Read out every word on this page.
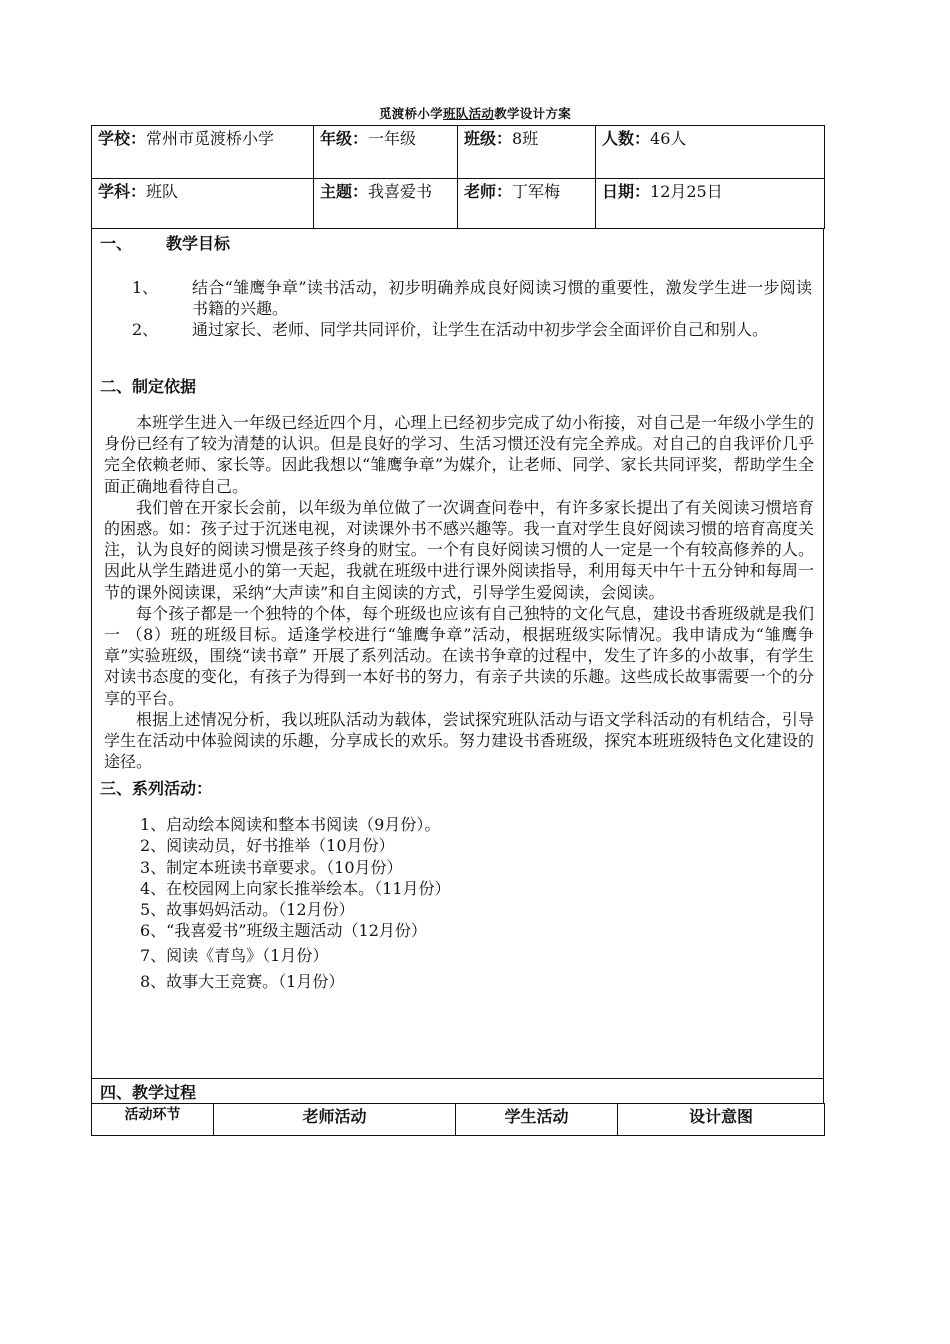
觅渡桥小学班队活动教学设计方案
学校：常州市觅渡桥小学	年级：一年级	班级：8班	人数：46人
学科：班队	主题：我喜爱书	老师：丁军梅	日期：12月25日
一、 教学目标
1、 结合“雏鹰争章”读书活动，初步明确养成良好阅读习惯的重要性，激发学生进一步阅读书籍的兴趣。
2、 通过家长、老师、同学共同评价，让学生在活动中初步学会全面评价自己和别人。
二、制定依据

本班学生进入一年级已经近四个月，心理上已经初步完成了幼小衔接，对自己是一年级小学生的身份已经有了较为清楚的认识。但是良好的学习、生活习惯还没有完全养成。对自己的自我评价几乎完全依赖老师、家长等。因此我想以“雏鹰争章”为媒介，让老师、同学、家长共同评奖，帮助学生全面正确地看待自己。

我们曾在开家长会前，以年级为单位做了一次调查问卷中，有许多家长提出了有关阅读习惯培育的困惑。如：孩子过于沉迷电视，对读课外书不感兴趣等。我一直对学生良好阅读习惯的培育高度关注，认为良好的阅读习惯是孩子终身的财宝。一个有良好阅读习惯的人一定是一个有较高修养的人。因此从学生踏进觅小的第一天起，我就在班级中进行课外阅读指导，利用每天中午十五分钟和每周一节的课外阅读课，采纳“大声读”和自主阅读的方式，引导学生爱阅读，会阅读。

每个孩子都是一个独特的个体，每个班级也应该有自己独特的文化气息，建设书香班级就是我们一 （8）班的班级目标。适逢学校进行“雏鹰争章”活动，根据班级实际情况。我申请成为“雏鹰争章”实验班级，围绕“读书章” 开展了系列活动。在读书争章的过程中，发生了许多的小故事，有学生对读书态度的变化，有孩子为得到一本好书的努力，有亲子共读的乐趣。这些成长故事需要一个的分享的平台。

根据上述情况分析，我以班队活动为载体，尝试探究班队活动与语文学科活动的有机结合，引导学生在活动中体验阅读的乐趣，分享成长的欢乐。努力建设书香班级，探究本班班级特色文化建设的途径。

三、系列活动：
1、启动绘本阅读和整本书阅读（9月份）。
2、阅读动员，好书推举（10月份）
3、制定本班读书章要求。（10月份）
4、在校园网上向家长推举绘本。（11月份）
5、故事妈妈活动。（12月份）
6、“我喜爱书”班级主题活动（12月份）
7、阅读《青鸟》（1月份）
8、故事大王竞赛。（1月份）
四、教学过程
活动环节	老师活动	学生活动	设计意图
